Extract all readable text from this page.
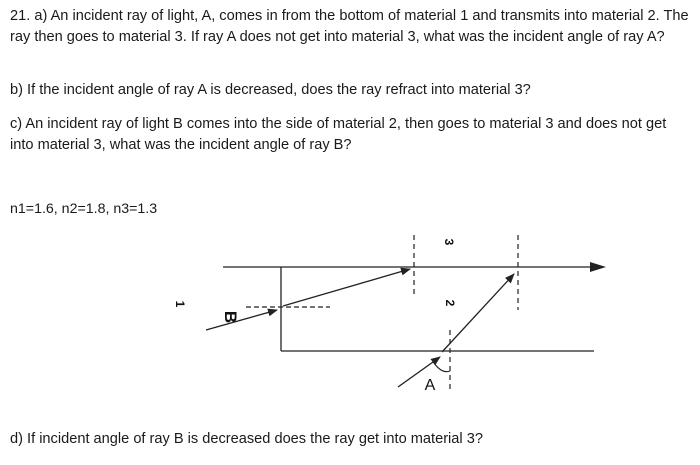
21. a) An incident ray of light, A, comes in from the bottom of material 1 and transmits into material 2. The ray then goes to material 3. If ray A does not get into material 3, what was the incident angle of ray A?

b) If the incident angle of ray A is decreased, does the ray refract into material 3?

c) An incident ray of light B comes into the side of material 2, then goes to material 3 and does not get into material 3, what was the incident angle of ray B?

n1=1.6, n2=1.8, n3=1.3

3
2
1
B
A

d) If incident angle of ray B is decreased does the ray get into material 3?
